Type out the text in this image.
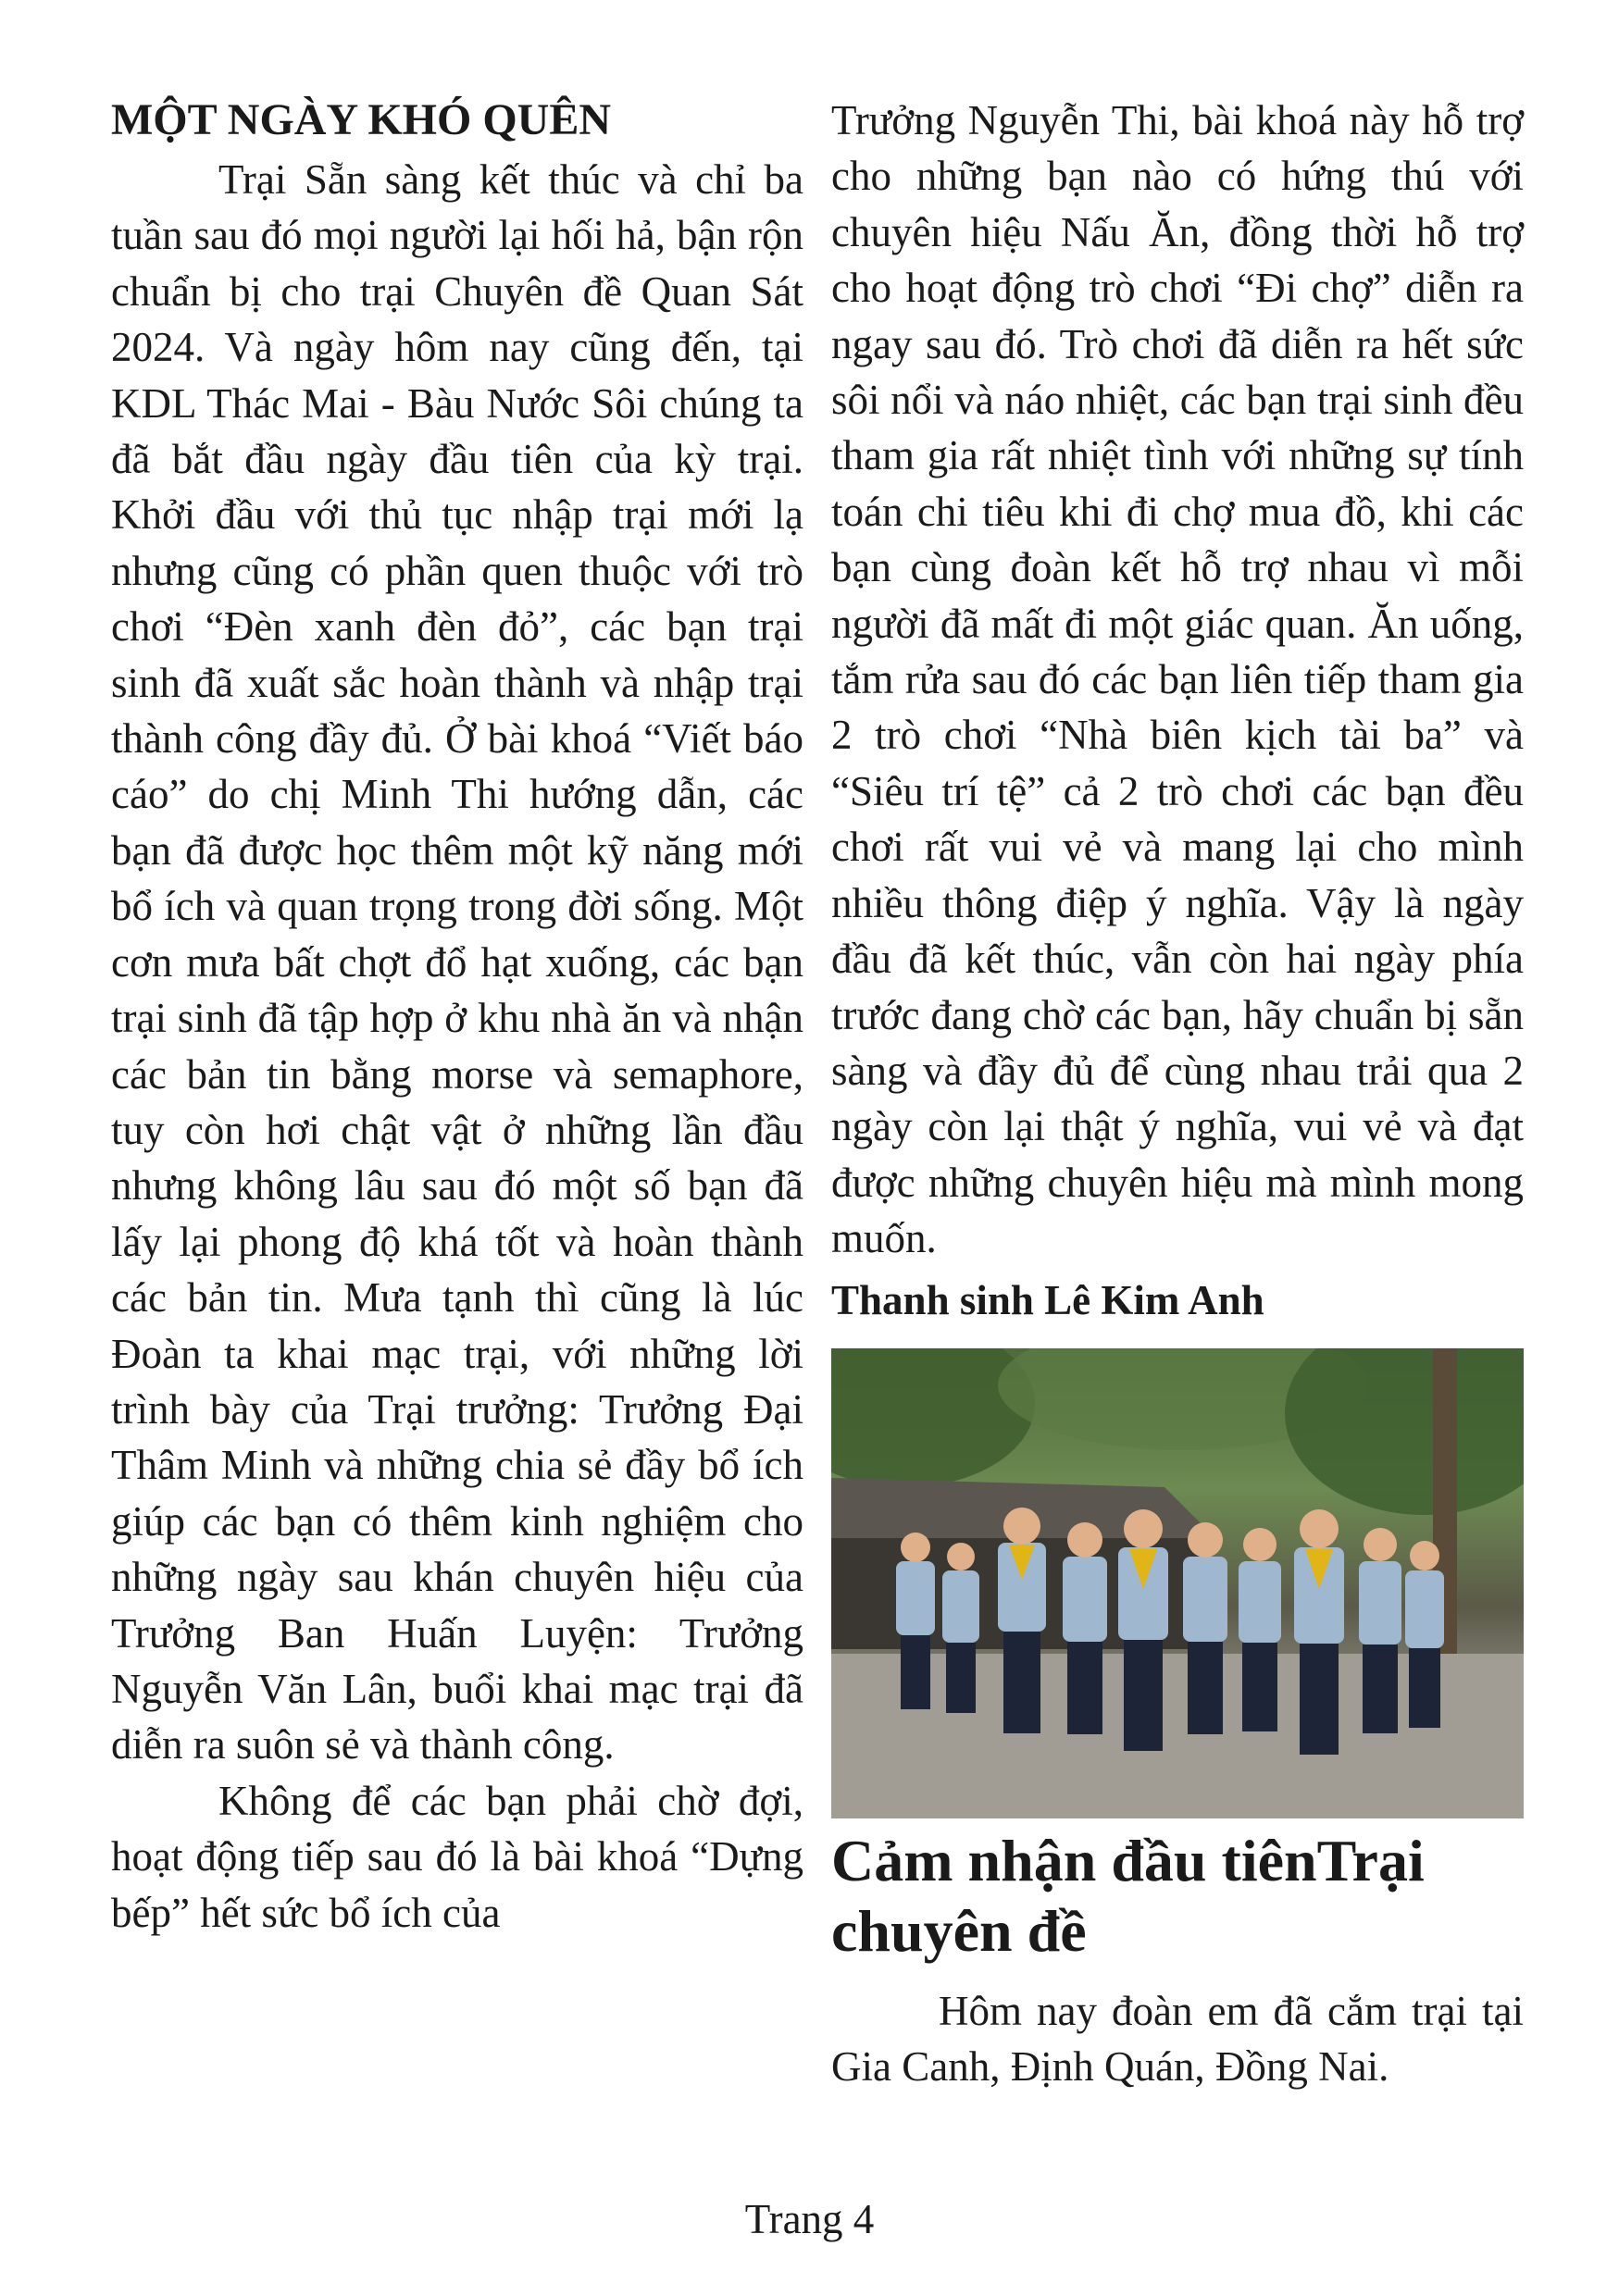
MỘT NGÀY KHÓ QUÊN

Trại Sẵn sàng kết thúc và chỉ ba tuần sau đó mọi người lại hối hả, bận rộn chuẩn bị cho trại Chuyên đề Quan Sát 2024. Và ngày hôm nay cũng đến, tại KDL Thác Mai - Bàu Nước Sôi chúng ta đã bắt đầu ngày đầu tiên của kỳ trại. Khởi đầu với thủ tục nhập trại mới lạ nhưng cũng có phần quen thuộc với trò chơi “Đèn xanh đèn đỏ”, các bạn trại sinh đã xuất sắc hoàn thành và nhập trại thành công đầy đủ. Ở bài khoá “Viết báo cáo” do chị Minh Thi hướng dẫn, các bạn đã được học thêm một kỹ năng mới bổ ích và quan trọng trong đời sống. Một cơn mưa bất chợt đổ hạt xuống, các bạn trại sinh đã tập hợp ở khu nhà ăn và nhận các bản tin bằng morse và semaphore, tuy còn hơi chật vật ở những lần đầu nhưng không lâu sau đó một số bạn đã lấy lại phong độ khá tốt và hoàn thành các bản tin. Mưa tạnh thì cũng là lúc Đoàn ta khai mạc trại, với những lời trình bày của Trại trưởng: Trưởng Đại Thâm Minh và những chia sẻ đầy bổ ích giúp các bạn có thêm kinh nghiệm cho những ngày sau khán chuyên hiệu của Trưởng Ban Huấn Luyện: Trưởng Nguyễn Văn Lân, buổi khai mạc trại đã diễn ra suôn sẻ và thành công.

Không để các bạn phải chờ đợi, hoạt động tiếp sau đó là bài khoá “Dựng bếp” hết sức bổ ích của

Trưởng Nguyễn Thi, bài khoá này hỗ trợ cho những bạn nào có hứng thú với chuyên hiệu Nấu Ăn, đồng thời hỗ trợ cho hoạt động trò chơi “Đi chợ” diễn ra ngay sau đó. Trò chơi đã diễn ra hết sức sôi nổi và náo nhiệt, các bạn trại sinh đều tham gia rất nhiệt tình với những sự tính toán chi tiêu khi đi chợ mua đồ, khi các bạn cùng đoàn kết hỗ trợ nhau vì mỗi người đã mất đi một giác quan. Ăn uống, tắm rửa sau đó các bạn liên tiếp tham gia 2 trò chơi “Nhà biên kịch tài ba” và “Siêu trí tệ” cả 2 trò chơi các bạn đều chơi rất vui vẻ và mang lại cho mình nhiều thông điệp ý nghĩa. Vậy là ngày đầu đã kết thúc, vẫn còn hai ngày phía trước đang chờ các bạn, hãy chuẩn bị sẵn sàng và đầy đủ để cùng nhau trải qua 2 ngày còn lại thật ý nghĩa, vui vẻ và đạt được những chuyên hiệu mà mình mong muốn.

Thanh sinh Lê Kim Anh
Cảm nhận đầu tiênTrại chuyên đề

Hôm nay đoàn em đã cắm trại tại Gia Canh, Định Quán, Đồng Nai.

Trang 4
